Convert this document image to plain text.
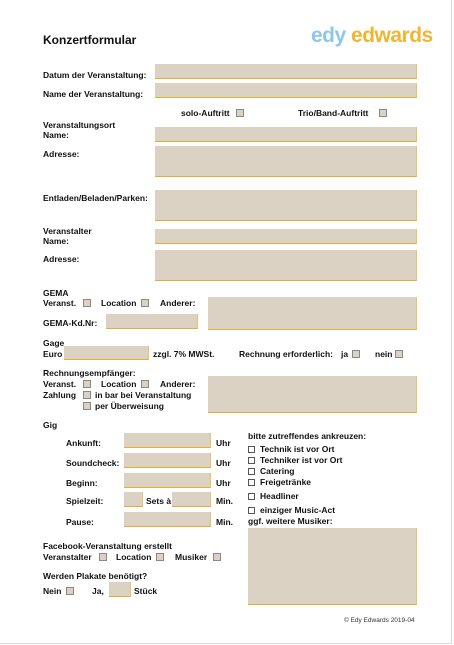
Konzertformular	edy edwards
Datum der Veranstaltung:
Name der Veranstaltung:
solo-Auftritt	Trio/Band-Auftritt
Veranstaltungsort
Name:
Adresse:
Entladen/Beladen/Parken:
Veranstalter
Name:
Adresse:
GEMA
Veranst.	Location	Anderer:
GEMA-Kd.Nr:
Gage
Euro	zzgl. 7% MWSt.	Rechnung erforderlich: ja	nein
Rechnungsempfänger:
Veranst.	Location	Anderer:
Zahlung in bar bei Veranstaltung
per Überweisung
Gig
Ankunft:	Uhr
Soundcheck:	Uhr
Beginn:	Uhr
Spielzeit:	Sets à	Min.
Pause:	Min.
bitte zutreffendes ankreuzen:
Technik ist vor Ort
Techniker ist vor Ort
Catering
Freigetränke
Headliner
einziger Music-Act
ggf. weitere Musiker:
Facebook-Veranstaltung erstellt
Veranstalter	Location	Musiker
Werden Plakate benötigt?
Nein	Ja,	Stück
© Edy Edwards 2019-04
